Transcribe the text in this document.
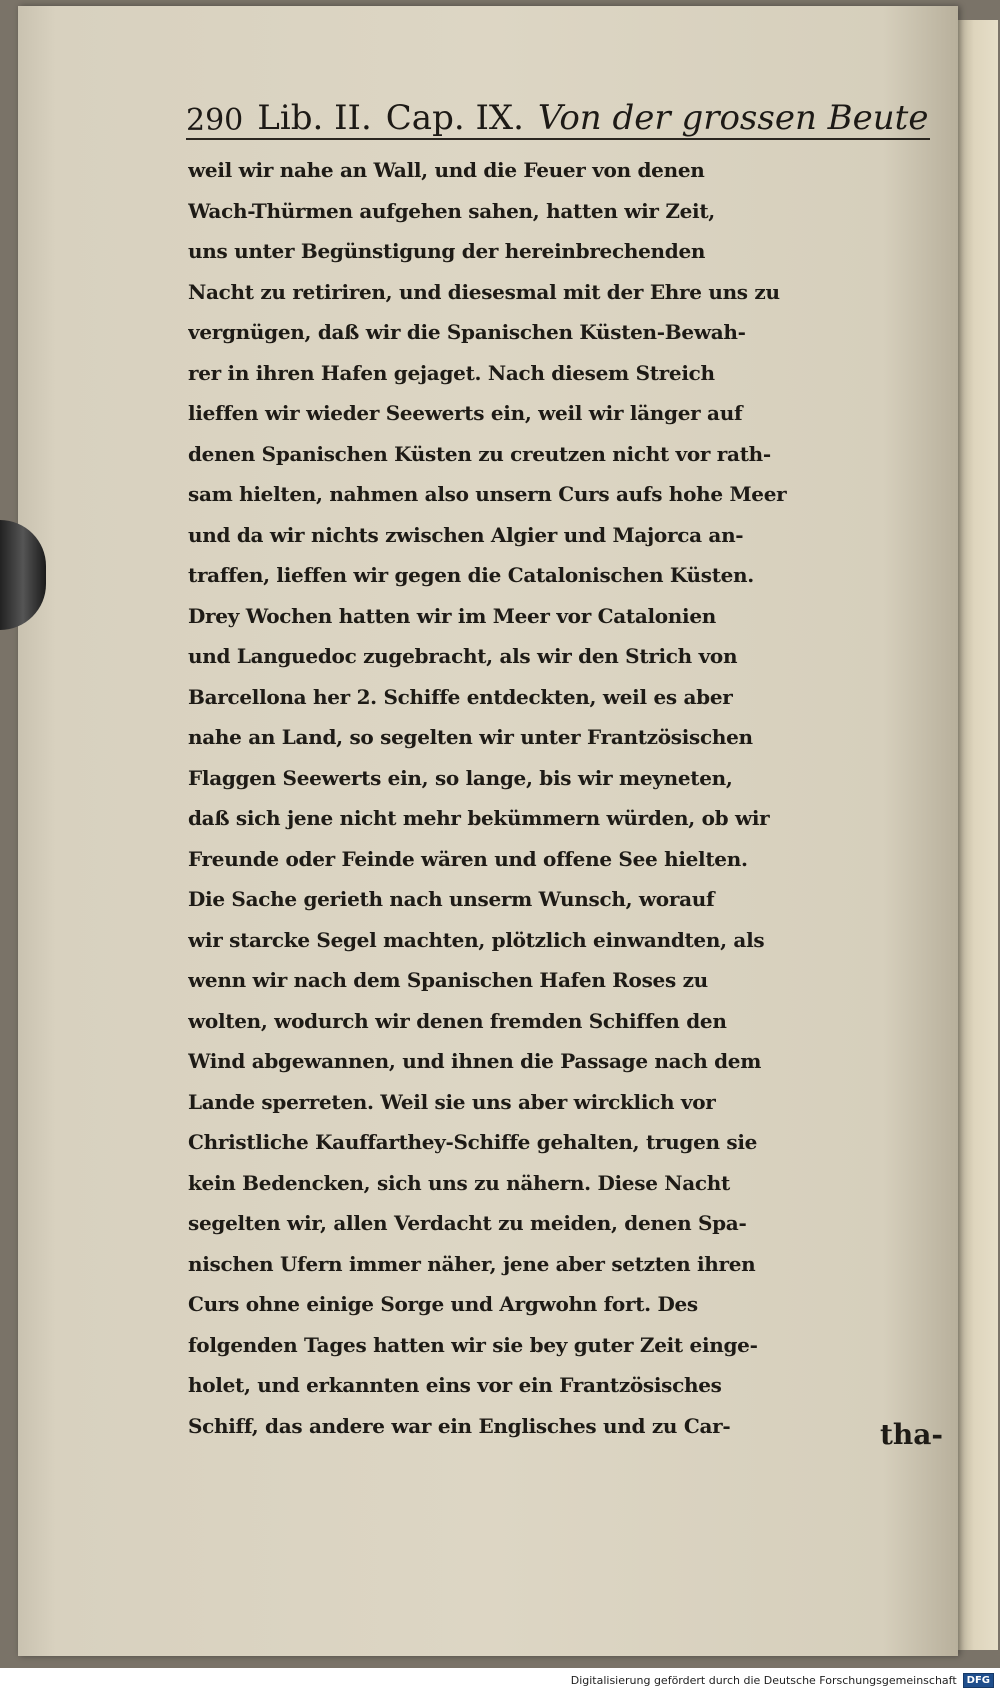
290 Lib. II. Cap. IX. Von der grossen Beute
weil wir nahe an Wall, und die Feuer von denen
Wach-Thürmen aufgehen sahen, hatten wir Zeit,
uns unter Begünstigung der hereinbrechenden
Nacht zu retiriren, und diesesmal mit der Ehre uns zu
vergnügen, daß wir die Spanischen Küsten-Bewah-
rer in ihren Hafen gejaget. Nach diesem Streich
lieffen wir wieder Seewerts ein, weil wir länger auf
denen Spanischen Küsten zu creutzen nicht vor rath-
sam hielten, nahmen also unsern Curs aufs hohe Meer
und da wir nichts zwischen Algier und Majorca an-
traffen, lieffen wir gegen die Catalonischen Küsten.
Drey Wochen hatten wir im Meer vor Catalonien
und Languedoc zugebracht, als wir den Strich von
Barcellona her 2. Schiffe entdeckten, weil es aber
nahe an Land, so segelten wir unter Frantzösischen
Flaggen Seewerts ein, so lange, bis wir meyneten,
daß sich jene nicht mehr bekümmern würden, ob wir
Freunde oder Feinde wären und offene See hielten.
Die Sache gerieth nach unserm Wunsch, worauf
wir starcke Segel machten, plötzlich einwandten, als
wenn wir nach dem Spanischen Hafen Roses zu
wolten, wodurch wir denen fremden Schiffen den
Wind abgewannen, und ihnen die Passage nach dem
Lande sperreten. Weil sie uns aber wircklich vor
Christliche Kauffarthey-Schiffe gehalten, trugen sie
kein Bedencken, sich uns zu nähern. Diese Nacht
segelten wir, allen Verdacht zu meiden, denen Spa-
nischen Ufern immer näher, jene aber setzten ihren
Curs ohne einige Sorge und Argwohn fort. Des
folgenden Tages hatten wir sie bey guter Zeit einge-
holet, und erkannten eins vor ein Frantzösisches
Schiff, das andere war ein Englisches und zu Car-	tha-
Digitalisierung gefördert durch die Deutsche Forschungsgemeinschaft	DFG
